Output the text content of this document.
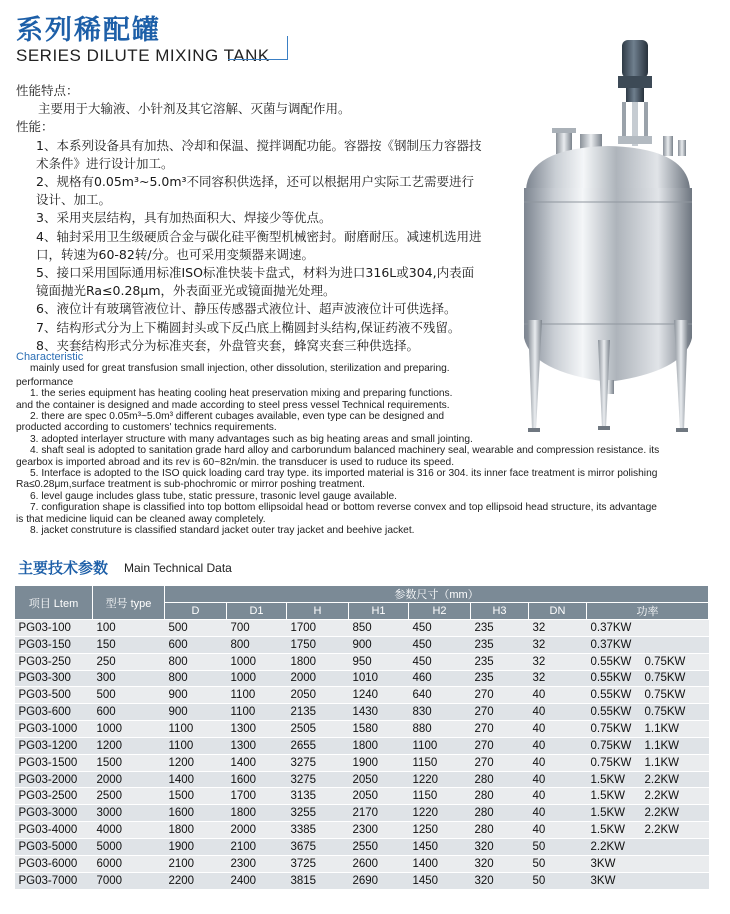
系列稀配罐
SERIES DILUTE MIXING TANK

性能特点：

主要用于大输液、小针剂及其它溶解、灭菌与调配作用。

性能：

1、本系列设备具有加热、冷却和保温、搅拌调配功能。容器按《钢制压力容器技术条件》进行设计加工。

2、规格有0.05m³~5.0m³不同容积供选择，还可以根据用户实际工艺需要进行设计、加工。

3、采用夹层结构，具有加热面积大、焊接少等优点。

4、轴封采用卫生级硬质合金与碳化硅平衡型机械密封。耐磨耐压。减速机选用进口，转速为60-82转/分。也可采用变频器来调速。

5、接口采用国际通用标准ISO标准快装卡盘式，材料为进口316L或304,内表面镜面抛光Ra≤0.28μm，外表面亚光或镜面抛光处理。

6、液位计有玻璃管液位计、静压传感器式液位计、超声波液位计可供选择。

7、结构形式分为上下椭圆封头或下反凸底上椭圆封头结构,保证药液不残留。

8、夹套结构形式分为标准夹套，外盘管夹套，蜂窝夹套三种供选择。

Characteristic

mainly used for great transfusion small injection, other dissolution, sterilization and preparing.

performance

1. the series equipment has heating cooling heat preservation mixing and preparing functions.

and the container is designed and made according to steel press vessel Technical requirements.

2. there are spec 0.05m³~5.0m³ different cubages available, even type can be designed and

producted according to customers' technics requirements.

3. adopted interlayer structure with many advantages such as big heating areas and small jointing.

4. shaft seal is adopted to sanitation grade hard alloy and carborundum balanced machinery seal, wearable and compression resistance. its

gearbox is imported abroad and its rev is 60~82n/min. the transducer is used to ruduce its speed.

5. Interface is adopted to the ISO quick loading card tray type. its imported material is 316 or 304. its inner face treatment is mirror polishing

Ra≤0.28μm,surface treatment is sub-phochromic or mirror poshing treatment.

6. level gauge includes glass tube, static pressure, trasonic level gauge available.

7. configuration shape is classified into top bottom ellipsoidal head or bottom reverse convex and top ellipsoid head structure, its advantage

is that medicine liquid can be cleaned away completely.

8. jacket construture is classified standard jacket outer tray jacket and beehive jacket.

主要技术参数 Main Technical Data
项目 Ltem	型号 type	参数尺寸（mm）							
		D	D1	H	H1	H2	H3	DN	功率
PG03-100	100	500	700	1700	850	450	235	32	0.37KW
PG03-150	150	600	800	1750	900	450	235	32	0.37KW
PG03-250	250	800	1000	1800	950	450	235	32	0.55KW 0.75KW
PG03-300	300	800	1000	2000	1010	460	235	32	0.55KW 0.75KW
PG03-500	500	900	1100	2050	1240	640	270	40	0.55KW 0.75KW
PG03-600	600	900	1100	2135	1430	830	270	40	0.55KW 0.75KW
PG03-1000	1000	1100	1300	2505	1580	880	270	40	0.75KW 1.1KW
PG03-1200	1200	1100	1300	2655	1800	1100	270	40	0.75KW 1.1KW
PG03-1500	1500	1200	1400	3275	1900	1150	270	40	0.75KW 1.1KW
PG03-2000	2000	1400	1600	3275	2050	1220	280	40	1.5KW 2.2KW
PG03-2500	2500	1500	1700	3135	2050	1150	280	40	1.5KW 2.2KW
PG03-3000	3000	1600	1800	3255	2170	1220	280	40	1.5KW 2.2KW
PG03-4000	4000	1800	2000	3385	2300	1250	280	40	1.5KW 2.2KW
PG03-5000	5000	1900	2100	3675	2550	1450	320	50	2.2KW
PG03-6000	6000	2100	2300	3725	2600	1400	320	50	3KW
PG03-7000	7000	2200	2400	3815	2690	1450	320	50	3KW
